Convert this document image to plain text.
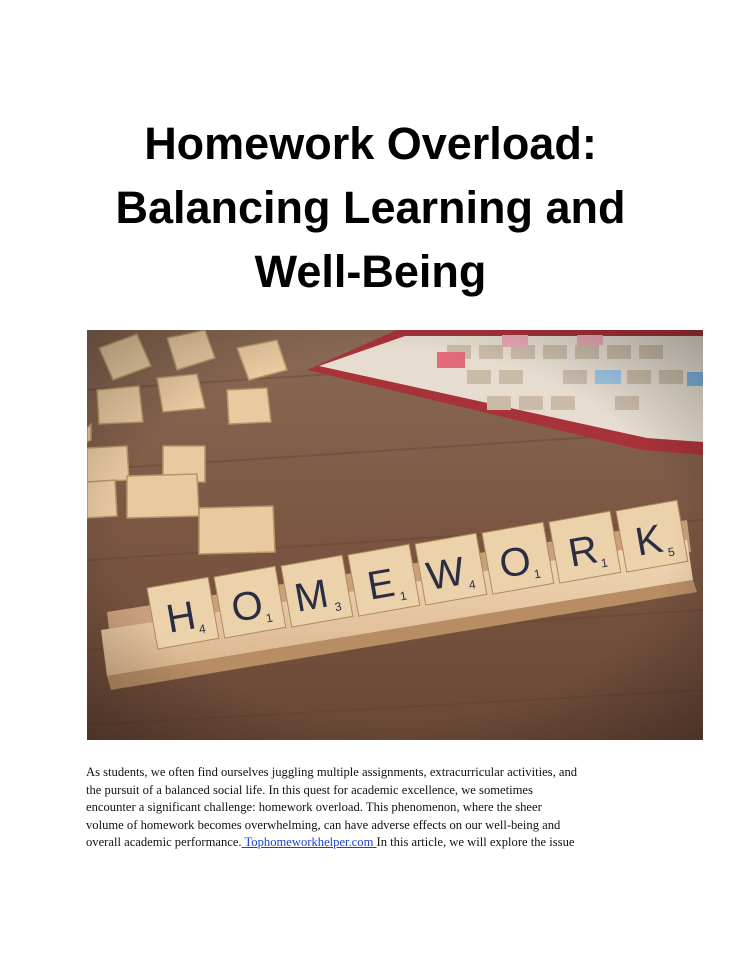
Homework Overload:
Balancing Learning and
Well-Being
As students, we often find ourselves juggling multiple assignments, extracurricular activities, and
the pursuit of a balanced social life. In this quest for academic excellence, we sometimes
encounter a significant challenge: homework overload. This phenomenon, where the sheer
volume of homework becomes overwhelming, can have adverse effects on our well-being and
overall academic performance. Tophomeworkhelper.com In this article, we will explore the issue
